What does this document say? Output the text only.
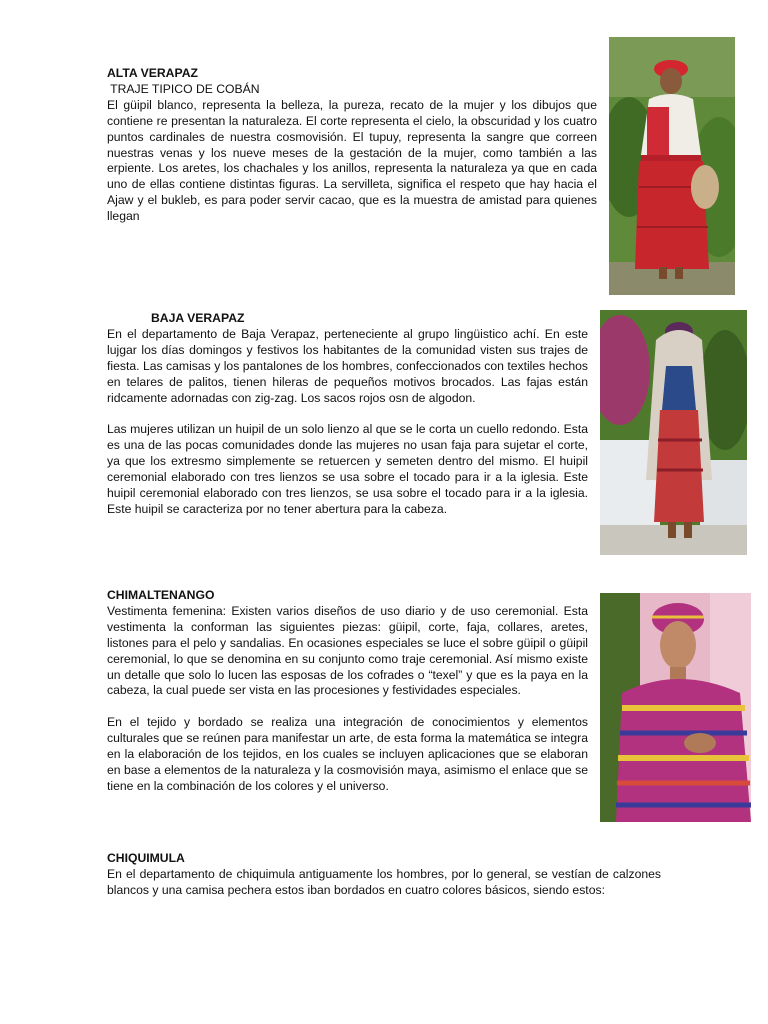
ALTA VERAPAZ
TRAJE TIPICO DE COBÁN

El güipil blanco, representa la belleza, la pureza, recato de la mujer y los dibujos que contiene re presentan la naturaleza. El corte representa el cielo, la obscuridad y los cuatro puntos cardinales de nuestra cosmovisión. El tupuy, representa la sangre que correen nuestras venas y los nueve meses de la gestación de la mujer, como también a las erpiente. Los aretes, los chachales y los anillos, representa la naturaleza ya que en cada uno de ellas contiene distintas figuras. La servilleta, significa el respeto que hay hacia el Ajaw y el bukleb, es para poder servir cacao, que es la muestra de amistad para quienes llegan

BAJA VERAPAZ

En el departamento de Baja Verapaz, perteneciente al grupo lingüistico achí. En este lujgar los días domingos y festivos los habitantes de la comunidad visten sus trajes de fiesta. Las camisas y los pantalones de los hombres, confeccionados con textiles hechos en telares de palitos, tienen hileras de pequeños motivos brocados. Las fajas están ridcamente adornadas con zig-zag. Los sacos rojos osn de algodon.

Las mujeres utilizan un huipil de un solo lienzo al que se le corta un cuello redondo. Esta es una de las pocas comunidades donde las mujeres no usan faja para sujetar el corte, ya que los extresmo simplemente se retuercen y semeten dentro del mismo. El huipil ceremonial elaborado con tres lienzos se usa sobre el tocado para ir a la iglesia. Este huipil ceremonial elaborado con tres lienzos, se usa sobre el tocado para ir a la iglesia. Este huipil se caracteriza por no tener abertura para la cabeza.

CHIMALTENANGO

Vestimenta femenina: Existen varios diseños de uso diario y de uso ceremonial. Esta vestimenta la conforman las siguientes piezas: güipil, corte, faja, collares, aretes, listones para el pelo y sandalias. En ocasiones especiales se luce el sobre güipil o güipil ceremonial, lo que se denomina en su conjunto como traje ceremonial. Así mismo existe un detalle que solo lo lucen las esposas de los cofrades o “texel” y que es la paya en la cabeza, la cual puede ser vista en las procesiones y festividades especiales.

En el tejido y bordado se realiza una integración de conocimientos y elementos culturales que se reúnen para manifestar un arte, de esta forma la matemática se integra en la elaboración de los tejidos, en los cuales se incluyen aplicaciones que se elaboran en base a elementos de la naturaleza y la cosmovisión maya, asimismo el enlace que se tiene en la combinación de los colores y el universo.

CHIQUIMULA

En el departamento de chiquimula antiguamente los hombres, por lo general, se vestían de calzones blancos y una camisa pechera estos iban bordados en cuatro colores básicos, siendo estos:
